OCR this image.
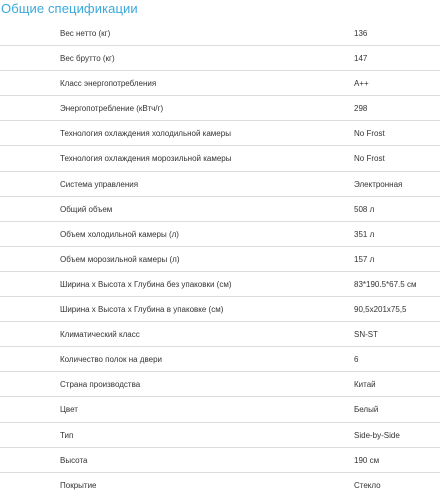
Общие спецификации
Вес нетто (кг)	136
Вес брутто (кг)	147
Класс энергопотребления	A++
Энергопотребление (кВтч/г)	298
Технология охлаждения холодильной камеры	No Frost
Технология охлаждения морозильной камеры	No Frost
Система управления	Электронная
Общий объем	508 л
Объем холодильной камеры (л)	351 л
Объем морозильной камеры (л)	157 л
Ширина x Высота x Глубина без упаковки (см)	83*190.5*67.5 см
Ширина x Высота x Глубина в упаковке (см)	90,5x201x75,5
Климатический класс	SN-ST
Количество полок на двери	6
Страна производства	Китай
Цвет	Белый
Тип	Side-by-Side
Высота	190 см
Покрытие	Стекло
